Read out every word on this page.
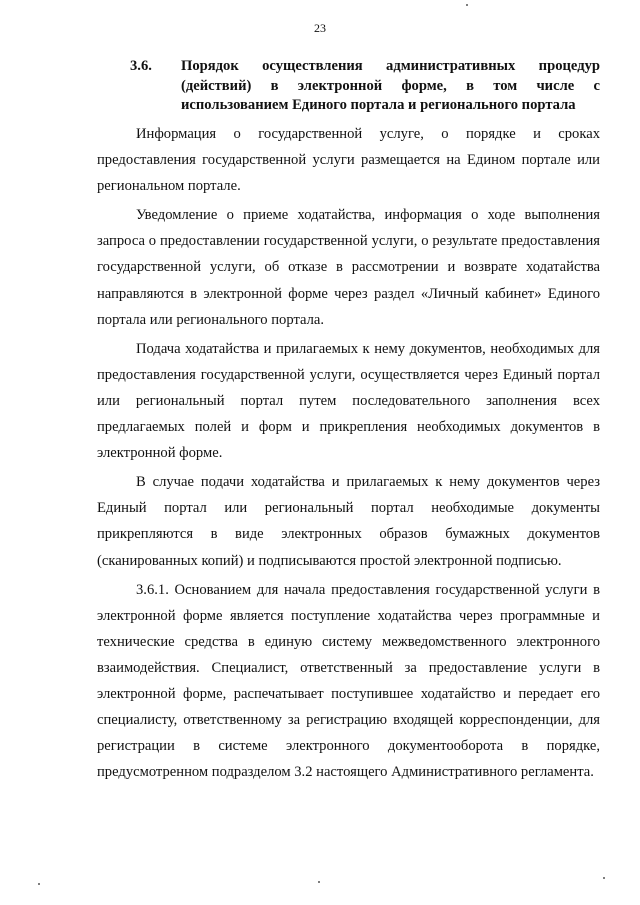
23
3.6. Порядок осуществления административных процедур (действий) в электронной форме, в том числе с использованием Единого портала и регионального портала

Информация о государственной услуге, о порядке и сроках предоставления государственной услуги размещается на Едином портале или региональном портале.

Уведомление о приеме ходатайства, информация о ходе выполнения запроса о предоставлении государственной услуги, о результате предоставления государственной услуги, об отказе в рассмотрении и возврате ходатайства направляются в электронной форме через раздел «Личный кабинет» Единого портала или регионального портала.

Подача ходатайства и прилагаемых к нему документов, необходимых для предоставления государственной услуги, осуществляется через Единый портал или региональный портал путем последовательного заполнения всех предлагаемых полей и форм и прикрепления необходимых документов в электронной форме.

В случае подачи ходатайства и прилагаемых к нему документов через Единый портал или региональный портал необходимые документы прикрепляются в виде электронных образов бумажных документов (сканированных копий) и подписываются простой электронной подписью.

3.6.1. Основанием для начала предоставления государственной услуги в электронной форме является поступление ходатайства через программные и технические средства в единую систему межведомственного электронного взаимодействия. Специалист, ответственный за предоставление услуги в электронной форме, распечатывает поступившее ходатайство и передает его специалисту, ответственному за регистрацию входящей корреспонденции, для регистрации в системе электронного документооборота в порядке, предусмотренном подразделом 3.2 настоящего Административного регламента.
